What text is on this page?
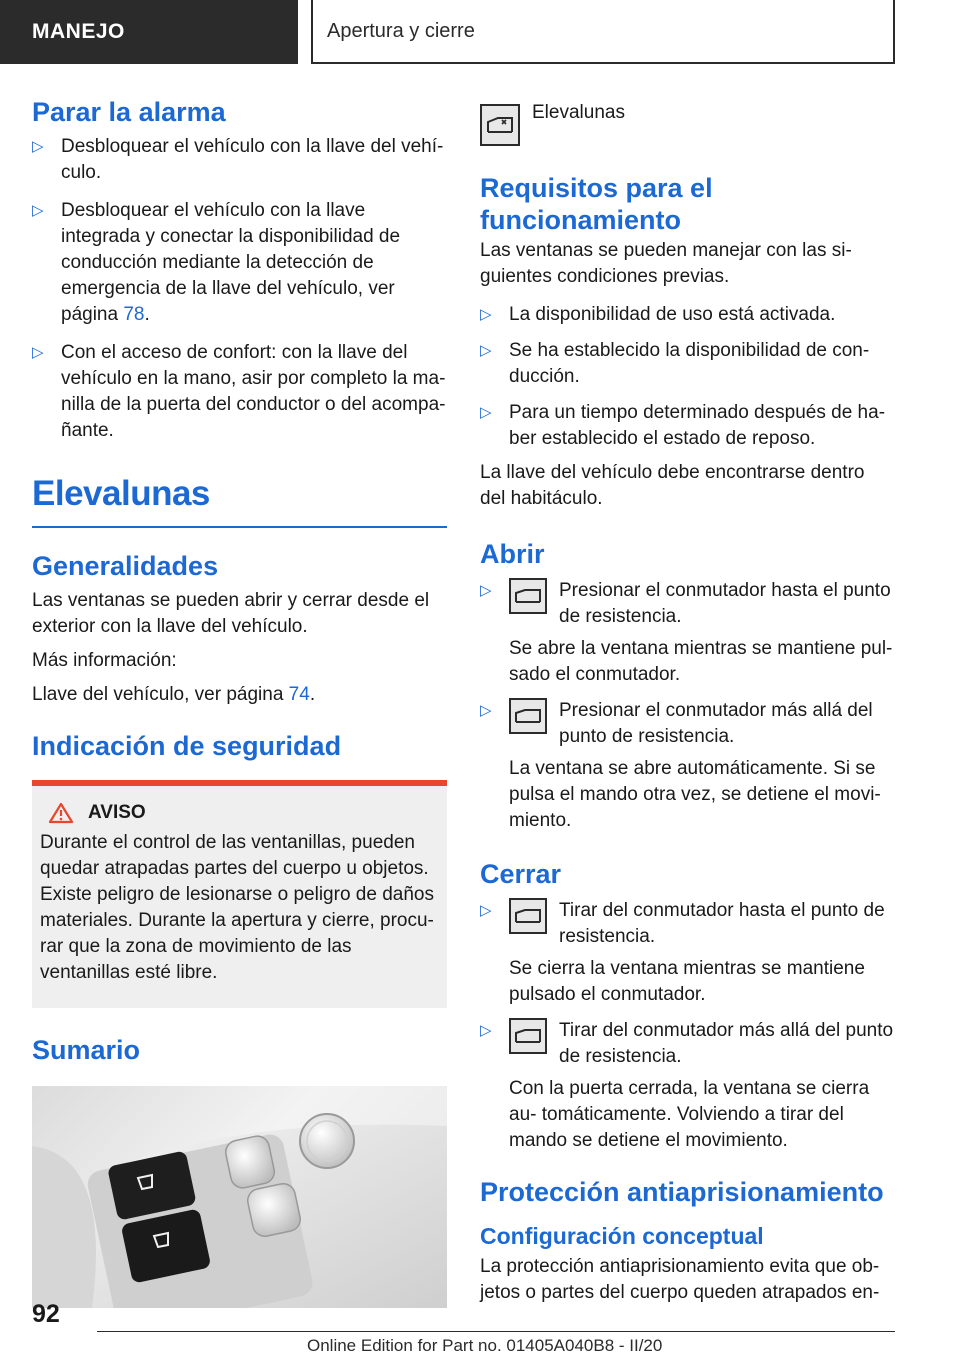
MANEJO	Apertura y cierre
Parar la alarma
▷ Desbloquear el vehículo con la llave del vehí‐ culo.
▷ Desbloquear el vehículo con la llave integrada y conectar la disponibilidad de conducción mediante la detección de emergencia de la llave del vehículo, ver página 78.
▷ Con el acceso de confort: con la llave del vehículo en la mano, asir por completo la ma‐ nilla de la puerta del conductor o del acompa‐ ñante.
Elevalunas
Generalidades

Las ventanas se pueden abrir y cerrar desde el exterior con la llave del vehículo.

Más información:

Llave del vehículo, ver página 74.

Indicación de seguridad
AVISO

Durante el control de las ventanillas, pueden quedar atrapadas partes del cuerpo u objetos. Existe peligro de lesionarse o peligro de daños materiales. Durante la apertura y cierre, procu‐ rar que la zona de movimiento de las ventanillas esté libre.

Sumario

Elevalunas

Requisitos para el funcionamiento

Las ventanas se pueden manejar con las si‐ guientes condiciones previas.

▷ La disponibilidad de uso está activada.
▷ Se ha establecido la disponibilidad de con‐ ducción.
▷ Para un tiempo determinado después de ha‐ ber establecido el estado de reposo.

La llave del vehículo debe encontrarse dentro del habitáculo.

Abrir
▷	Presionar el conmutador hasta el punto de resistencia.

Se abre la ventana mientras se mantiene pul‐ sado el conmutador.

▷	Presionar el conmutador más allá del punto de resistencia.

La ventana se abre automáticamente. Si se pulsa el mando otra vez, se detiene el movi‐ miento.

Cerrar
▷	Tirar del conmutador hasta el punto de resistencia.

Se cierra la ventana mientras se mantiene pulsado el conmutador.

▷	Tirar del conmutador más allá del punto de resistencia.

Con la puerta cerrada, la ventana se cierra au‐ tomáticamente. Volviendo a tirar del mando se detiene el movimiento.

Protección antiaprisionamiento
Configuración conceptual

La protección antiaprisionamiento evita que ob‐ jetos o partes del cuerpo queden atrapados en‐

92
Online Edition for Part no. 01405A040B8 - II/20
